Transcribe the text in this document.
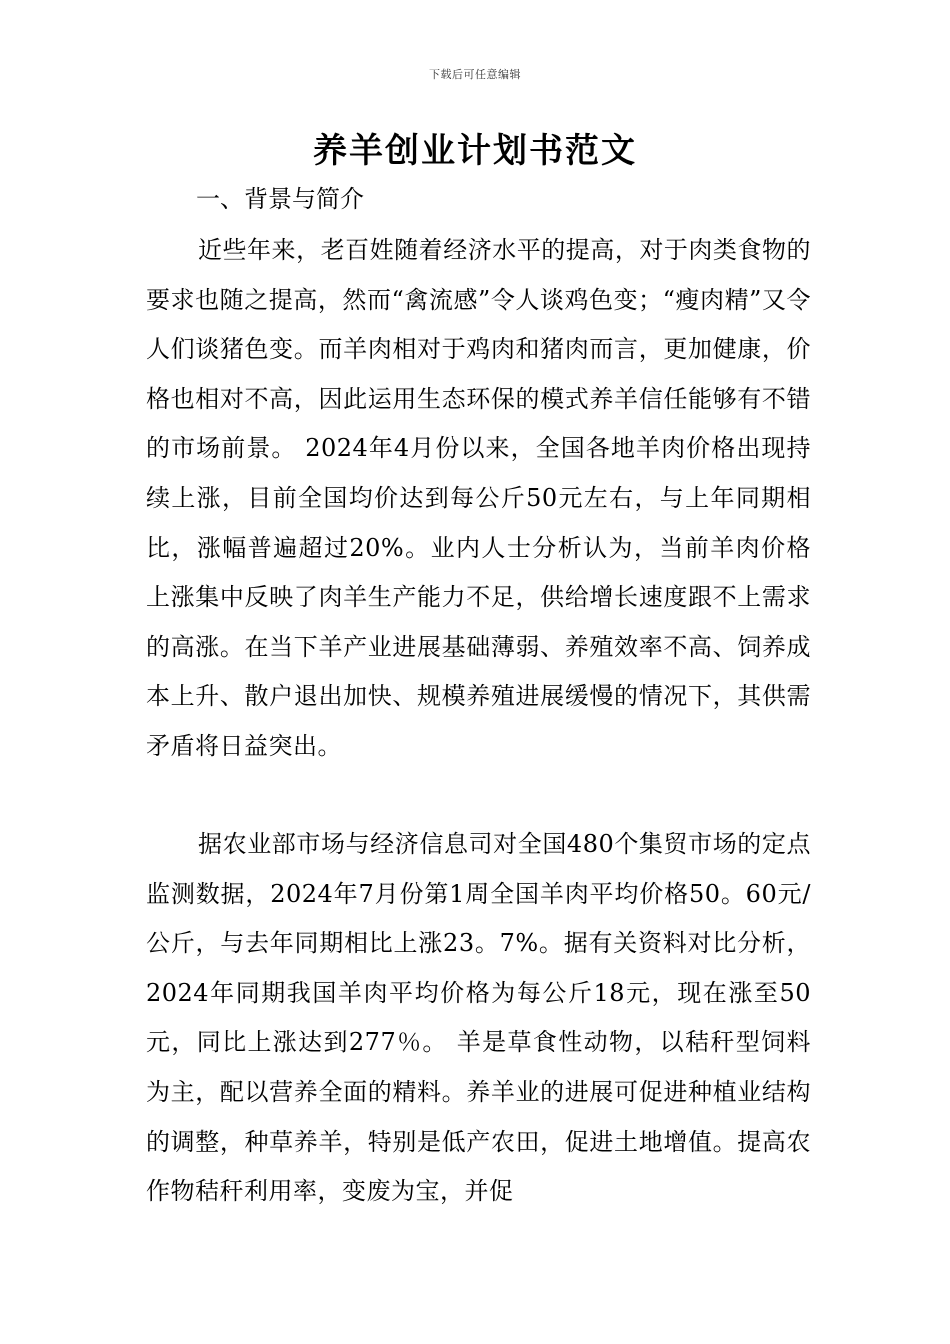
下载后可任意编辑
养羊创业计划书范文
一、背景与简介

近些年来，老百姓随着经济水平的提高，对于肉类食物的要求也随之提高，然而“禽流感”令人谈鸡色变；“瘦肉精”又令人们谈猪色变。而羊肉相对于鸡肉和猪肉而言，更加健康，价格也相对不高，因此运用生态环保的模式养羊信任能够有不错的市场前景。 2024年4月份以来，全国各地羊肉价格出现持续上涨，目前全国均价达到每公斤50元左右，与上年同期相比，涨幅普遍超过20%。业内人士分析认为，当前羊肉价格上涨集中反映了肉羊生产能力不足，供给增长速度跟不上需求的高涨。在当下羊产业进展基础薄弱、养殖效率不高、饲养成本上升、散户退出加快、规模养殖进展缓慢的情况下，其供需矛盾将日益突出。

据农业部市场与经济信息司对全国480个集贸市场的定点监测数据，2024年7月份第1周全国羊肉平均价格50。60元/公斤，与去年同期相比上涨23。7%。据有关资料对比分析，2024年同期我国羊肉平均价格为每公斤18元，现在涨至50元，同比上涨达到277％。 羊是草食性动物，以秸秆型饲料为主，配以营养全面的精料。养羊业的进展可促进种植业结构的调整，种草养羊，特别是低产农田，促进土地增值。提高农作物秸秆利用率，变废为宝，并促
